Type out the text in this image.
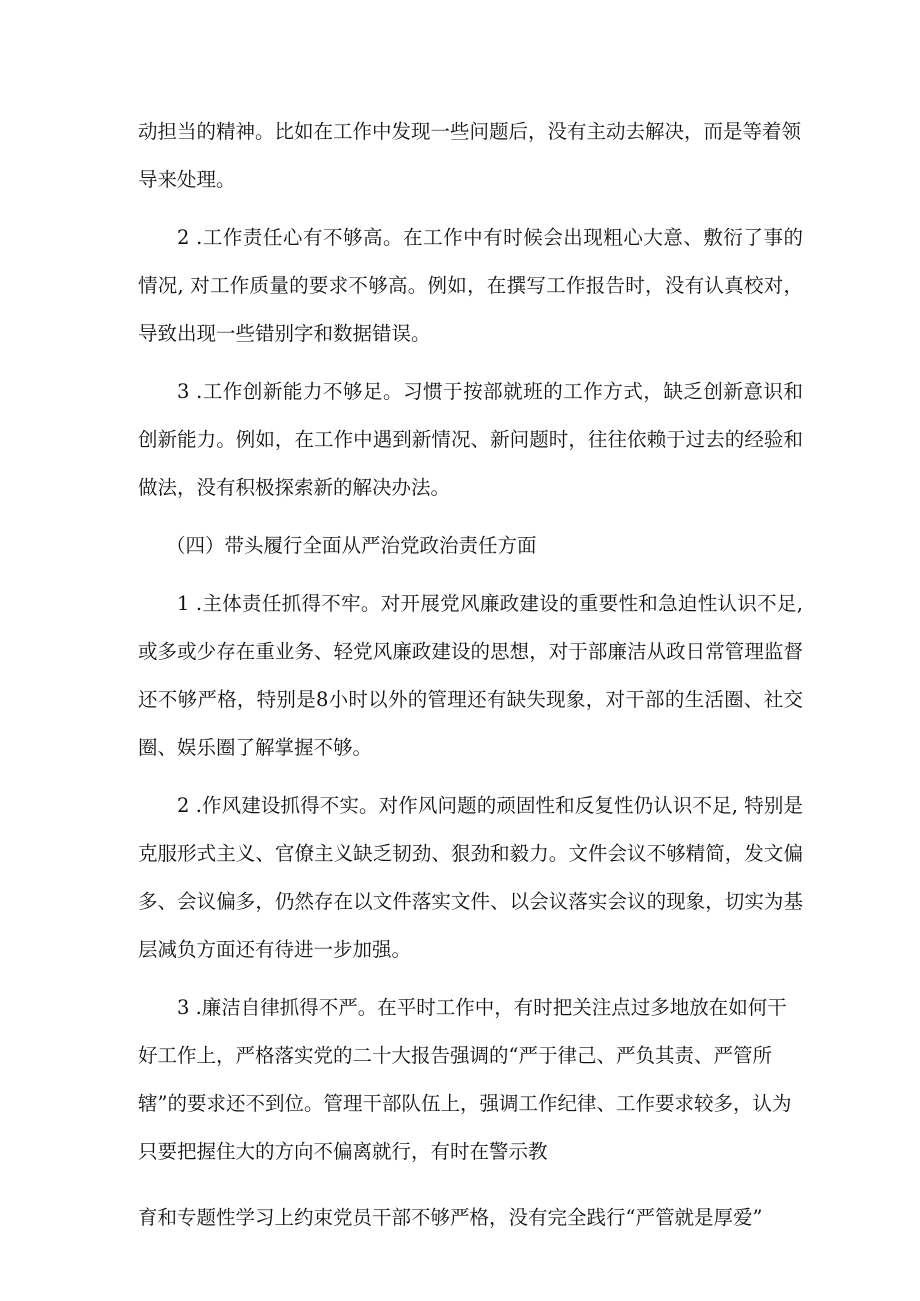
动担当的精神。比如在工作中发现一些问题后，没有主动去解决，而是等着领导来处理。

2 .工作责任心有不够高。在工作中有时候会出现粗心大意、敷衍了事的情况, 对工作质量的要求不够高。例如，在撰写工作报告时，没有认真校对，导致出现一些错别字和数据错误。

3 .工作创新能力不够足。习惯于按部就班的工作方式，缺乏创新意识和创新能力。例如，在工作中遇到新情况、新问题时，往往依赖于过去的经验和做法，没有积极探索新的解决办法。

（四）带头履行全面从严治党政治责任方面

1 .主体责任抓得不牢。对开展党风廉政建设的重要性和急迫性认识不足,或多或少存在重业务、轻党风廉政建设的思想，对于部廉洁从政日常管理监督还不够严格，特别是8小时以外的管理还有缺失现象，对干部的生活圈、社交圈、娱乐圈了解掌握不够。

2 .作风建设抓得不实。对作风问题的顽固性和反复性仍认识不足, 特别是克服形式主义、官僚主义缺乏韧劲、狠劲和毅力。文件会议不够精简，发文偏多、会议偏多，仍然存在以文件落实文件、以会议落实会议的现象，切实为基层减负方面还有待进一步加强。

3 .廉洁自律抓得不严。在平时工作中，有时把关注点过多地放在如何干好工作上，严格落实党的二十大报告强调的“严于律己、严负其责、严管所辖”的要求还不到位。管理干部队伍上，强调工作纪律、工作要求较多，认为只要把握住大的方向不偏离就行，有时在警示教

育和专题性学习上约束党员干部不够严格，没有完全践行“严管就是厚爱”
